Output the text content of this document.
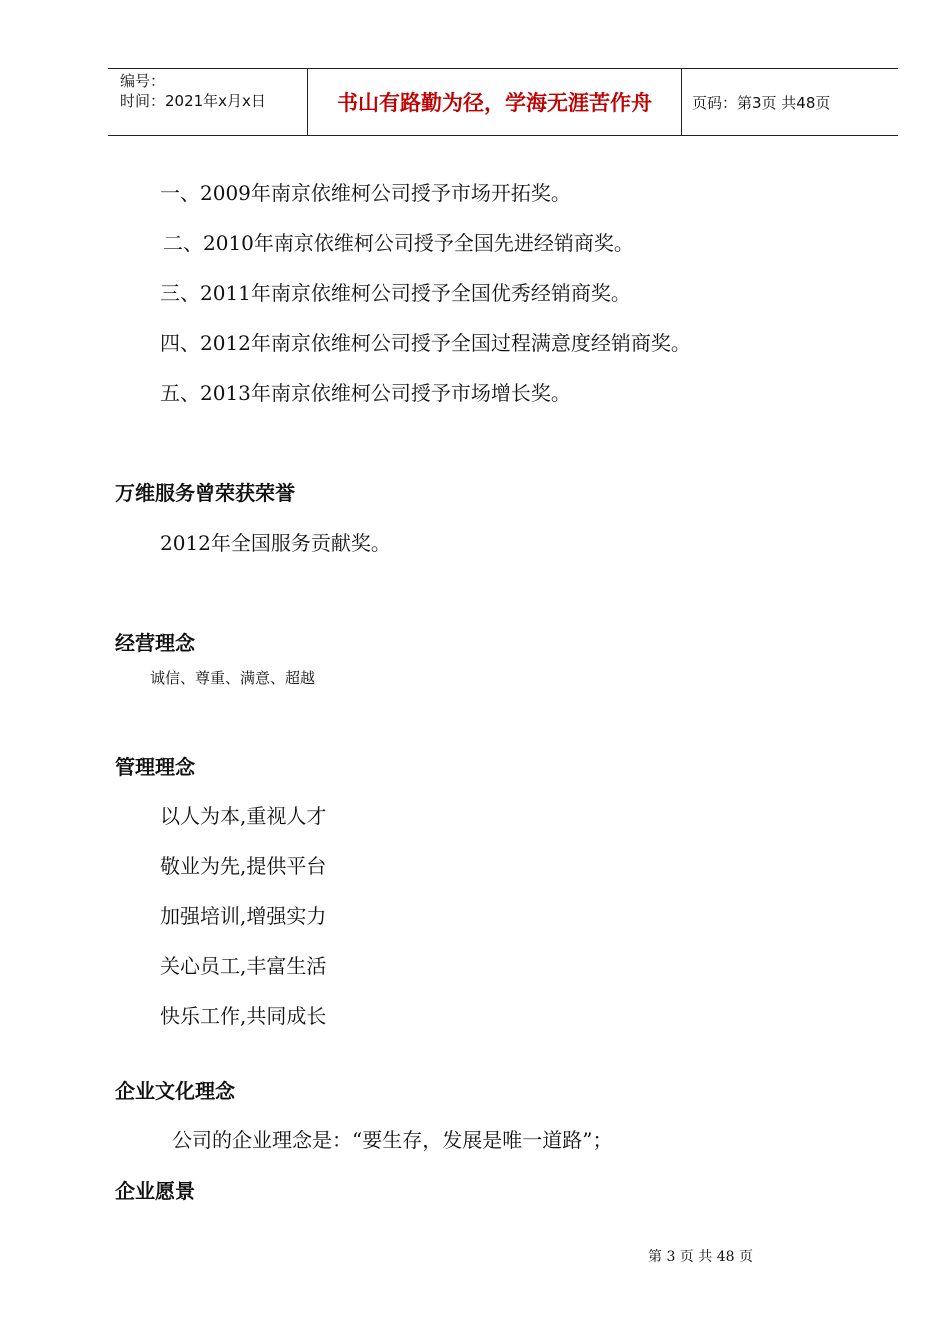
编号：
时间：2021年x月x日	书山有路勤为径，学海无涯苦作舟	页码：第3页 共48页
一、2009年南京依维柯公司授予市场开拓奖。
二、2010年南京依维柯公司授予全国先进经销商奖。
三、2011年南京依维柯公司授予全国优秀经销商奖。
四、2012年南京依维柯公司授予全国过程满意度经销商奖。
五、2013年南京依维柯公司授予市场增长奖。
万维服务曾荣获荣誉
2012年全国服务贡献奖。
经营理念
诚信、尊重、满意、超越
管理理念
以人为本,重视人才
敬业为先,提供平台
加强培训,增强实力
关心员工,丰富生活
快乐工作,共同成长
企业文化理念
公司的企业理念是：“要生存，发展是唯一道路”；
企业愿景
第 3 页 共 48 页
